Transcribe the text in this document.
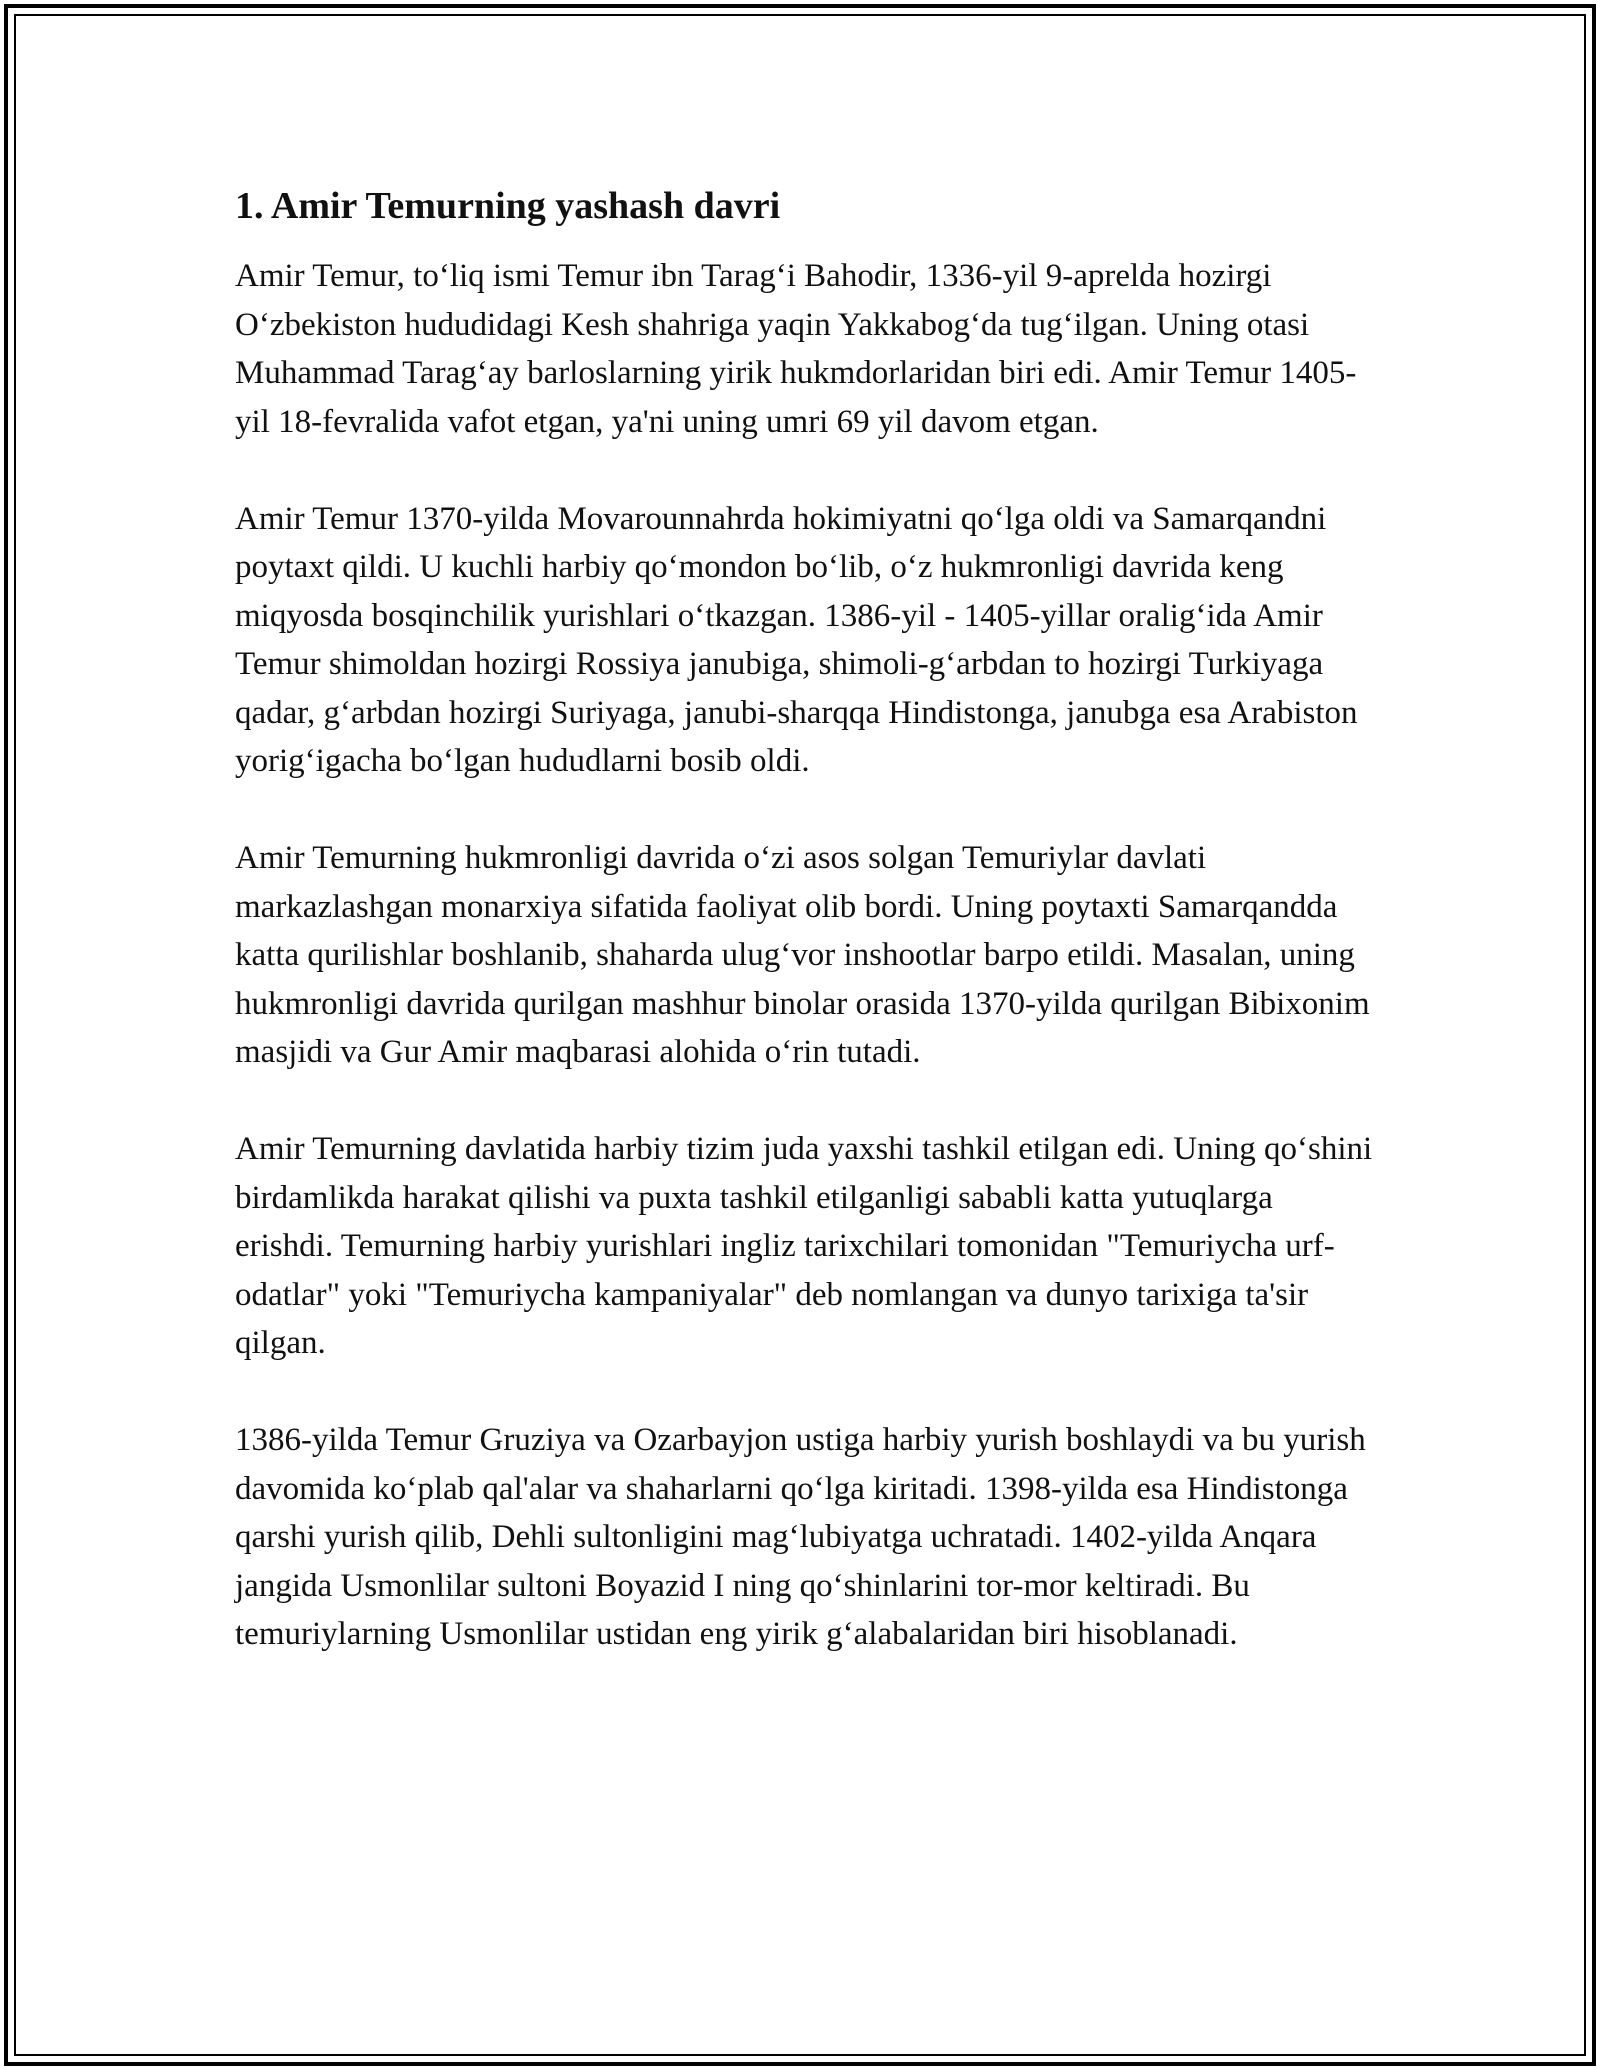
1. Amir Temurning yashash davri

Amir Temur, to‘liq ismi Temur ibn Tarag‘i Bahodir, 1336-yil 9-aprelda hozirgi O‘zbekiston hududidagi Kesh shahriga yaqin Yakkabog‘da tug‘ilgan. Uning otasi Muhammad Tarag‘ay barloslarning yirik hukmdorlaridan biri edi. Amir Temur 1405-yil 18-fevralida vafot etgan, ya'ni uning umri 69 yil davom etgan.

Amir Temur 1370-yilda Movarounnahrda hokimiyatni qo‘lga oldi va Samarqandni poytaxt qildi. U kuchli harbiy qo‘mondon bo‘lib, o‘z hukmronligi davrida keng miqyosda bosqinchilik yurishlari o‘tkazgan. 1386-yil - 1405-yillar oralig‘ida Amir Temur shimoldan hozirgi Rossiya janubiga, shimoli-g‘arbdan to hozirgi Turkiyaga qadar, g‘arbdan hozirgi Suriyaga, janubi-sharqqa Hindistonga, janubga esa Arabiston yorig‘igacha bo‘lgan hududlarni bosib oldi.

Amir Temurning hukmronligi davrida o‘zi asos solgan Temuriylar davlati markazlashgan monarxiya sifatida faoliyat olib bordi. Uning poytaxti Samarqandda katta qurilishlar boshlanib, shaharda ulug‘vor inshootlar barpo etildi. Masalan, uning hukmronligi davrida qurilgan mashhur binolar orasida 1370-yilda qurilgan Bibixonim masjidi va Gur Amir maqbarasi alohida o‘rin tutadi.

Amir Temurning davlatida harbiy tizim juda yaxshi tashkil etilgan edi. Uning qo‘shini birdamlikda harakat qilishi va puxta tashkil etilganligi sababli katta yutuqlarga erishdi. Temurning harbiy yurishlari ingliz tarixchilari tomonidan "Temuriycha urf-odatlar" yoki "Temuriycha kampaniyalar" deb nomlangan va dunyo tarixiga ta'sir qilgan.

1386-yilda Temur Gruziya va Ozarbayjon ustiga harbiy yurish boshlaydi va bu yurish davomida ko‘plab qal'alar va shaharlarni qo‘lga kiritadi. 1398-yilda esa Hindistonga qarshi yurish qilib, Dehli sultonligini mag‘lubiyatga uchratadi. 1402-yilda Anqara jangida Usmonlilar sultoni Boyazid I ning qo‘shinlarini tor-mor keltiradi. Bu temuriylarning Usmonlilar ustidan eng yirik g‘alabalaridan biri hisoblanadi.
